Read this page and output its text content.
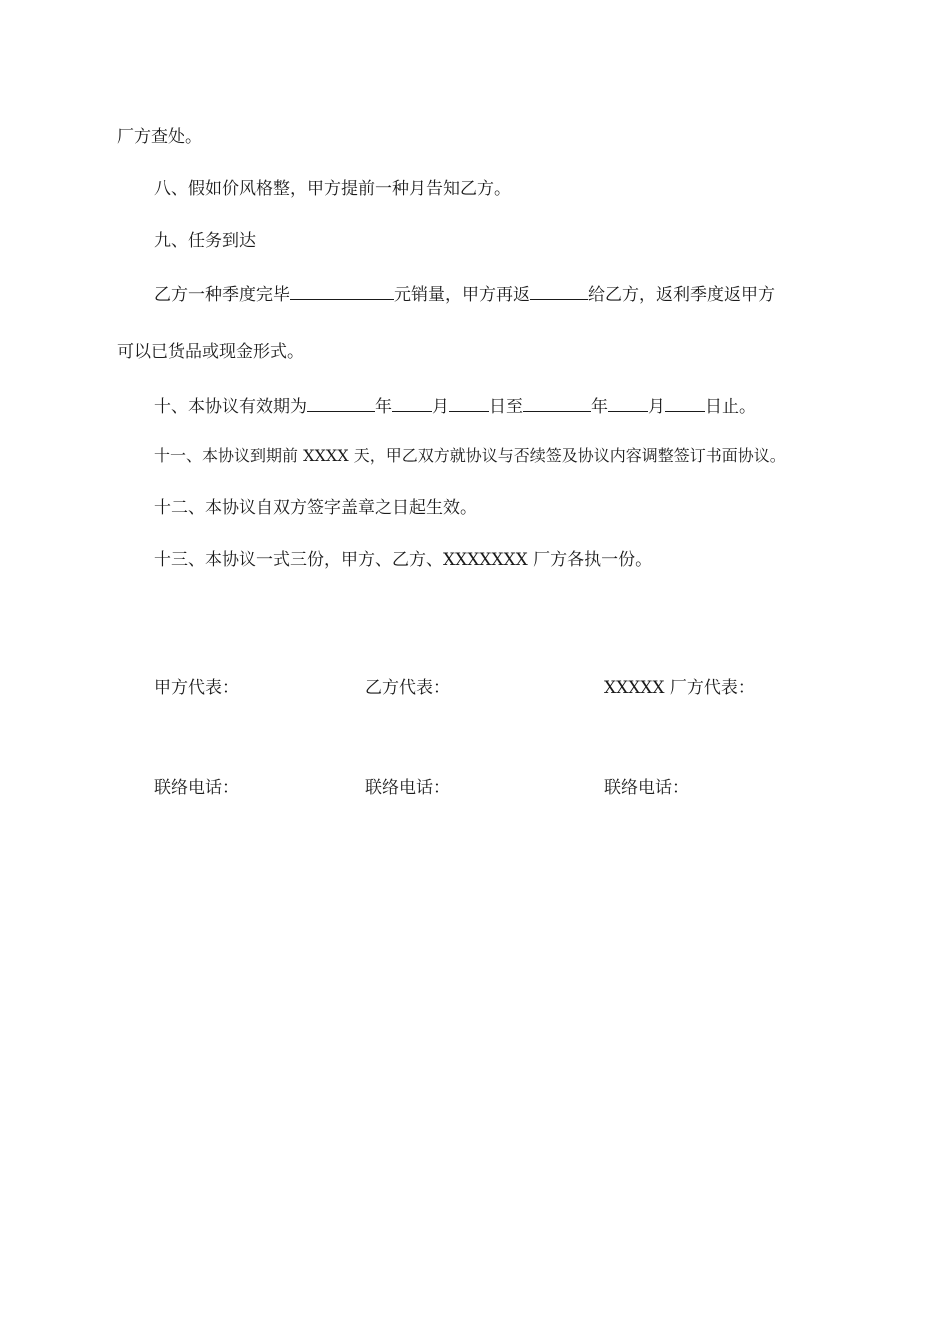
厂方查处。
八、假如价风格整，甲方提前一种月告知乙方。
九、任务到达
乙方一种季度完毕	元销量，甲方再返	给乙方，返利季度返甲方
可以已货品或现金形式。
十、本协议有效期为	年 月 日至	年 月 日止。
十一、本协议到期前 XXXX 天，甲乙双方就协议与否续签及协议内容调整签订书面协议。
十二、本协议自双方签字盖章之日起生效。
十三、本协议一式三份，甲方、乙方、XXXXXXX 厂方各执一份。
甲方代表：	乙方代表：	XXXXX 厂方代表：
联络电话：	联络电话：	联络电话：
